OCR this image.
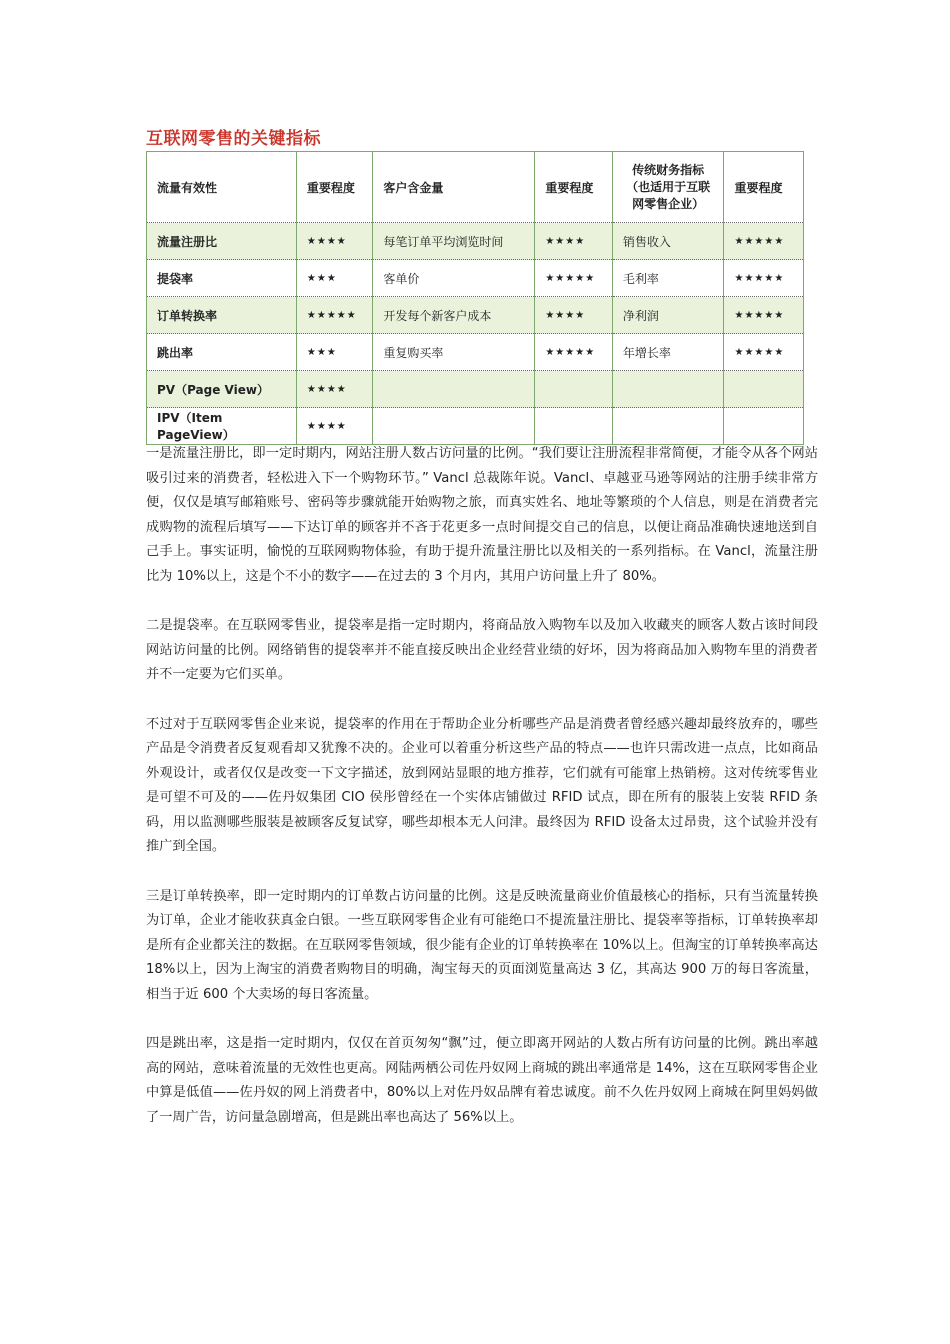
互联网零售的关键指标
流量有效性	重要程度	客户含金量	重要程度	传统财务指标（也适用于互联网零售企业）	重要程度
流量注册比	★★★★	每笔订单平均浏览时间	★★★★	销售收入	★★★★★
提袋率	★★★	客单价	★★★★★	毛利率	★★★★★
订单转换率	★★★★★	开发每个新客户成本	★★★★	净利润	★★★★★
跳出率	★★★	重复购买率	★★★★★	年增长率	★★★★★
PV（Page View）	★★★★				
IPV（Item PageView）	★★★★				

一是流量注册比，即一定时期内，网站注册人数占访问量的比例。“我们要让注册流程非常简便，才能令从各个网站吸引过来的消费者，轻松进入下一个购物环节。” Vancl 总裁陈年说。Vancl、卓越亚马逊等网站的注册手续非常方便，仅仅是填写邮箱账号、密码等步骤就能开始购物之旅，而真实姓名、地址等繁琐的个人信息，则是在消费者完成购物的流程后填写——下达订单的顾客并不吝于花更多一点时间提交自己的信息，以便让商品准确快速地送到自己手上。事实证明，愉悦的互联网购物体验，有助于提升流量注册比以及相关的一系列指标。在 Vancl，流量注册比为 10%以上，这是个不小的数字——在过去的 3 个月内，其用户访问量上升了 80%。

二是提袋率。在互联网零售业，提袋率是指一定时期内，将商品放入购物车以及加入收藏夹的顾客人数占该时间段网站访问量的比例。网络销售的提袋率并不能直接反映出企业经营业绩的好坏，因为将商品加入购物车里的消费者并不一定要为它们买单。

不过对于互联网零售企业来说，提袋率的作用在于帮助企业分析哪些产品是消费者曾经感兴趣却最终放弃的，哪些产品是令消费者反复观看却又犹豫不决的。企业可以着重分析这些产品的特点——也许只需改进一点点，比如商品外观设计，或者仅仅是改变一下文字描述，放到网站显眼的地方推荐，它们就有可能窜上热销榜。这对传统零售业是可望不可及的——佐丹奴集团 CIO 侯彤曾经在一个实体店铺做过 RFID 试点，即在所有的服装上安装 RFID 条码，用以监测哪些服装是被顾客反复试穿，哪些却根本无人问津。最终因为 RFID 设备太过昂贵，这个试验并没有推广到全国。

三是订单转换率，即一定时期内的订单数占访问量的比例。这是反映流量商业价值最核心的指标，只有当流量转换为订单，企业才能收获真金白银。一些互联网零售企业有可能绝口不提流量注册比、提袋率等指标，订单转换率却是所有企业都关注的数据。在互联网零售领域，很少能有企业的订单转换率在 10%以上。但淘宝的订单转换率高达 18%以上，因为上淘宝的消费者购物目的明确，淘宝每天的页面浏览量高达 3 亿，其高达 900 万的每日客流量，相当于近 600 个大卖场的每日客流量。

四是跳出率，这是指一定时期内，仅仅在首页匆匆“飘”过，便立即离开网站的人数占所有访问量的比例。跳出率越高的网站，意味着流量的无效性也更高。网陆两栖公司佐丹奴网上商城的跳出率通常是 14%，这在互联网零售企业中算是低值——佐丹奴的网上消费者中，80%以上对佐丹奴品牌有着忠诚度。前不久佐丹奴网上商城在阿里妈妈做了一周广告，访问量急剧增高，但是跳出率也高达了 56%以上。
